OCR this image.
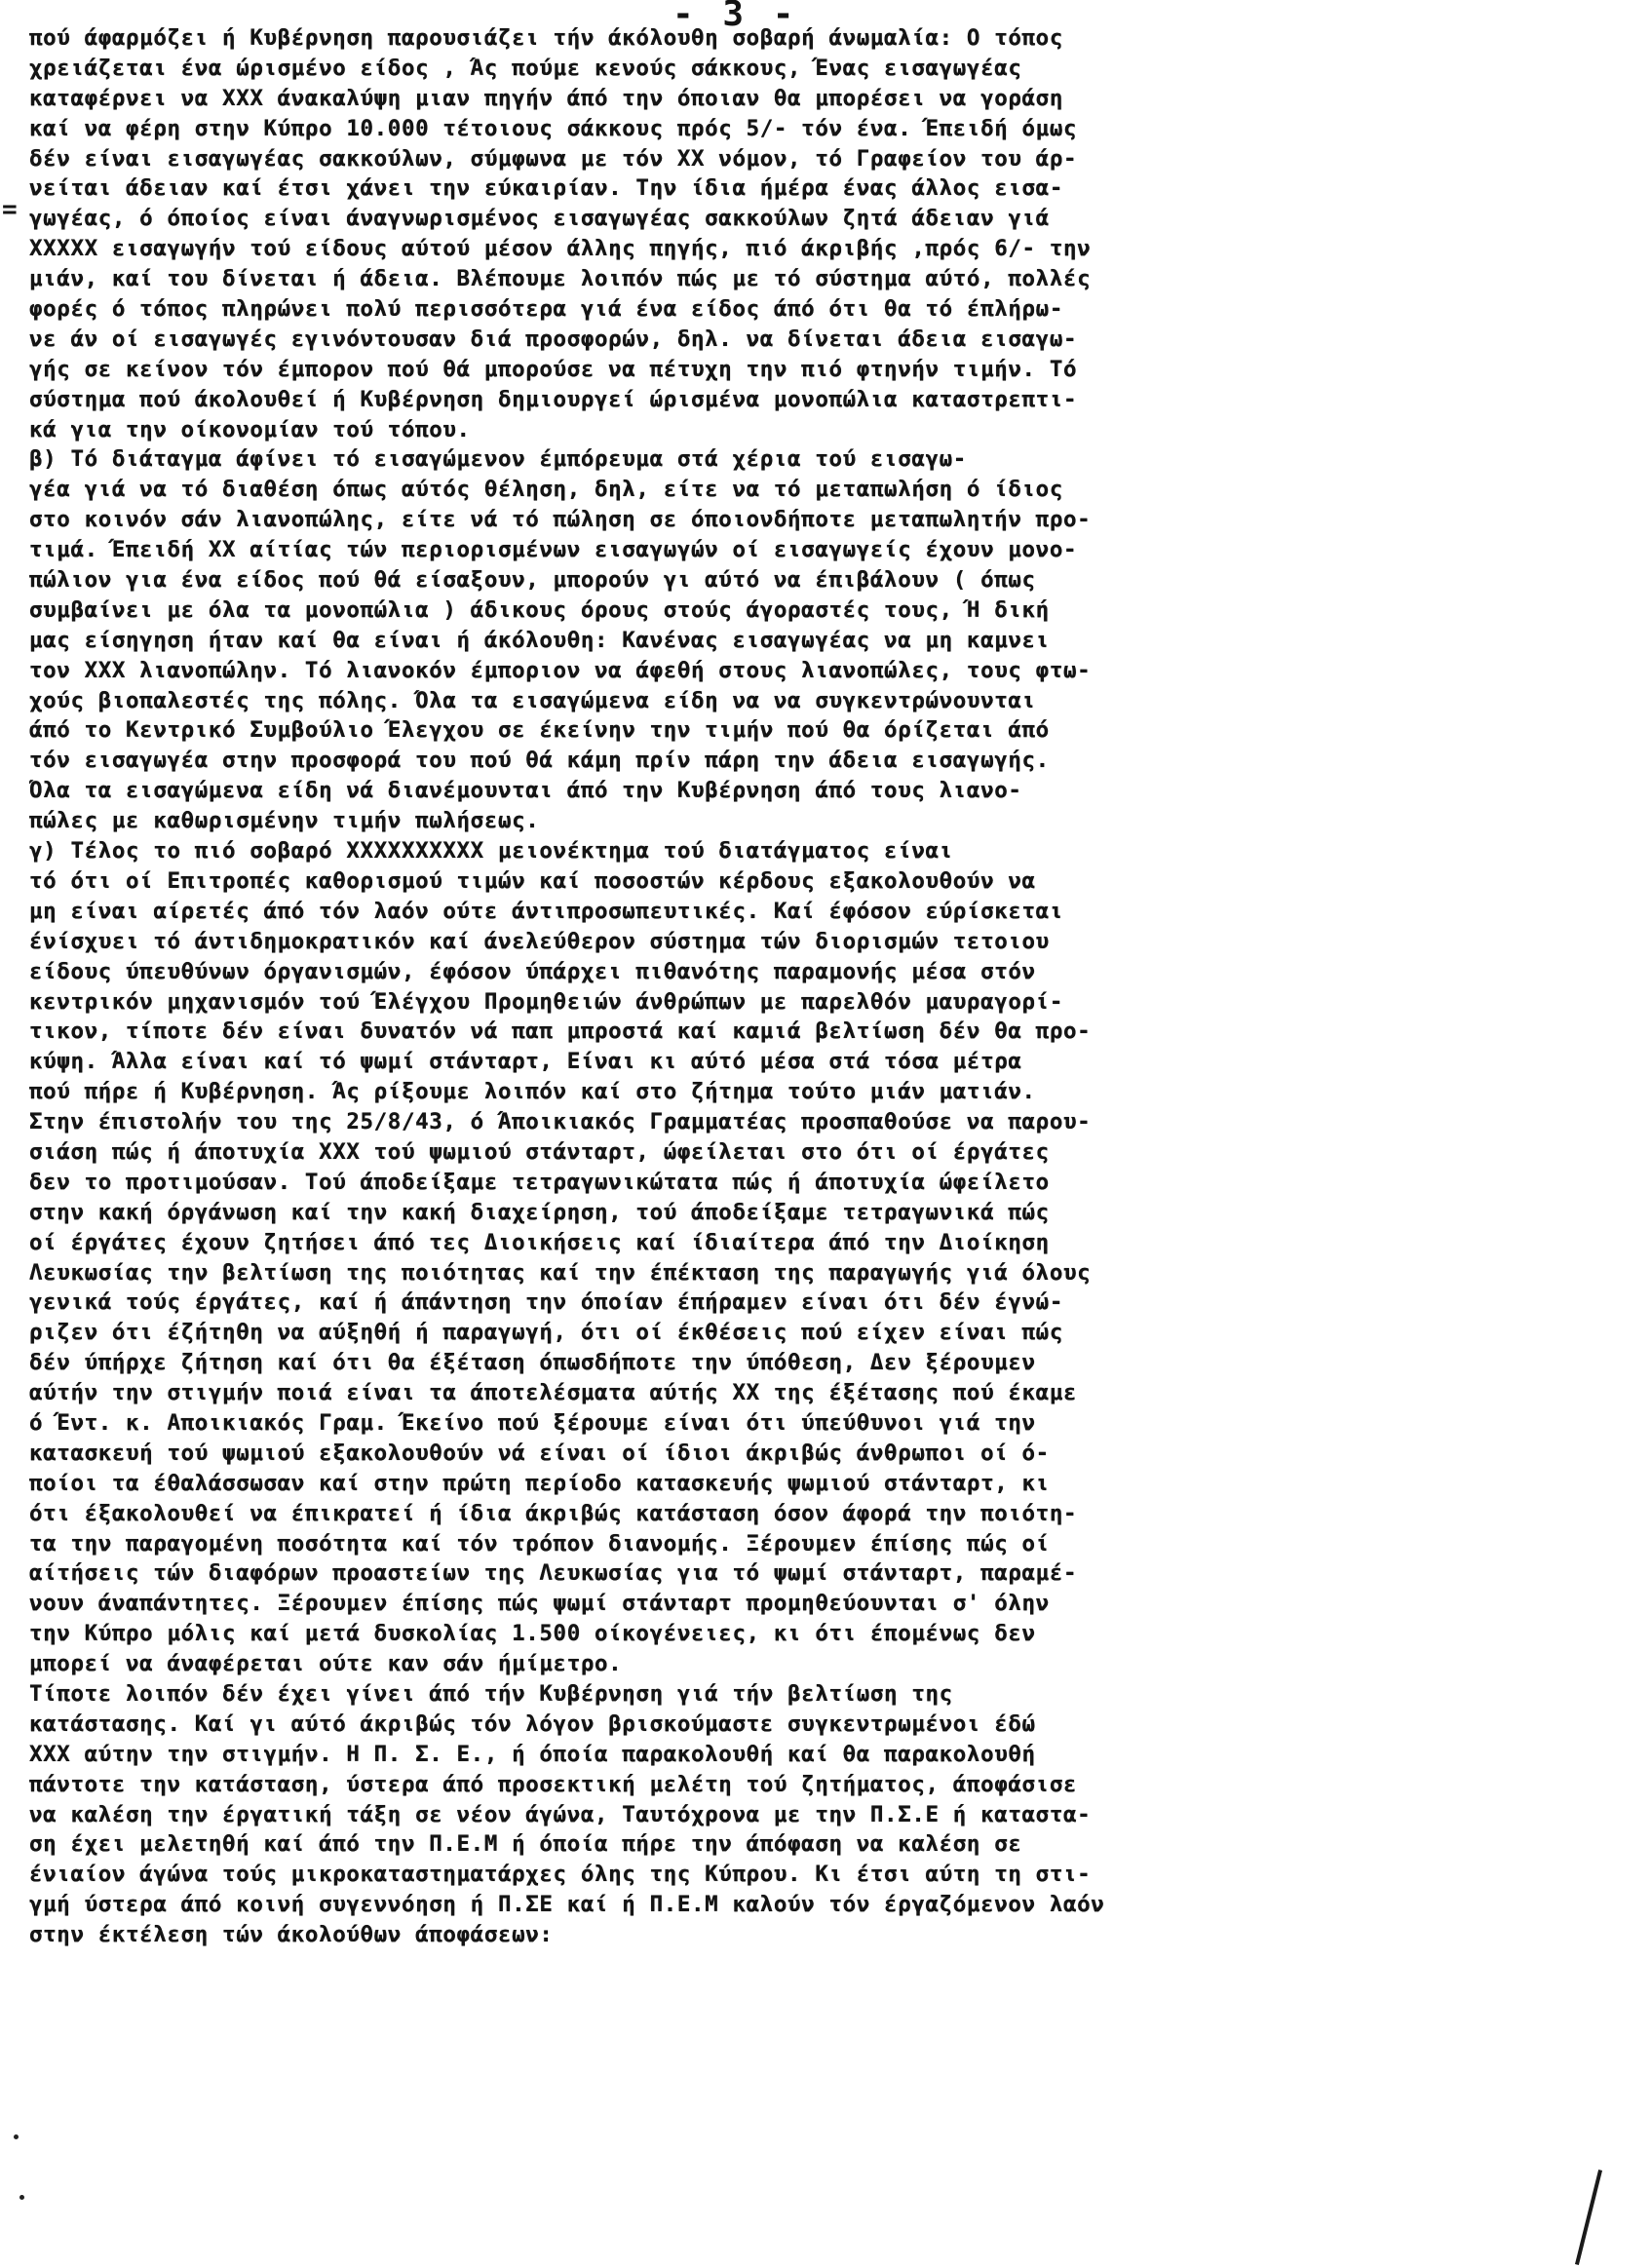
- 3 -
=
πού άφαρμόζει ή Κυβέρνηση παρουσιάζει τήν άκόλουθη σοβαρή άνωμαλία: Ο τόπος
χρειάζεται ένα ώρισμένο είδος , Άς πούμε κενούς σάκκους, Ένας εισαγωγέας
καταφέρνει να XXX άνακαλύψη μιαν πηγήν άπό την όποιαν θα μπορέσει να γοράση
καί να φέρη στην Κύπρο 10.000 τέτοιους σάκκους πρός 5/- τόν ένα. Έπειδή όμως
δέν είναι εισαγωγέας σακκούλων, σύμφωνα με τόν XX νόμον, τό Γραφείον του άρ-
νείται άδειαν καί έτσι χάνει την εύκαιρίαν. Την ίδια ήμέρα ένας άλλος εισα-
γωγέας, ό όποίος είναι άναγνωρισμένος εισαγωγέας σακκούλων ζητά άδειαν γιά
XXXXX εισαγωγήν τού είδους αύτού μέσον άλλης πηγής, πιό άκριβής ,πρός 6/- την
μιάν, καί του δίνεται ή άδεια. Βλέπουμε λοιπόν πώς με τό σύστημα αύτό, πολλές
φορές ό τόπος πληρώνει πολύ περισσότερα γιά ένα είδος άπό ότι θα τό έπλήρω-
νε άν οί εισαγωγές εγινόντουσαν διά προσφορών, δηλ. να δίνεται άδεια εισαγω-
γής σε κείνον τόν έμπορον πού θά μπορούσε να πέτυχη την πιό φτηνήν τιμήν. Τό
σύστημα πού άκολουθεί ή Κυβέρνηση δημιουργεί ώρισμένα μονοπώλια καταστρεπτι-
κά για την οίκονομίαν τού τόπου.
β) Τό διάταγμα άφίνει τό εισαγώμενον έμπόρευμα στά χέρια τού εισαγω-
γέα γιά να τό διαθέση όπως αύτός θέληση, δηλ, είτε να τό μεταπωλήση ό ίδιος
στο κοινόν σάν λιανοπώλης, είτε νά τό πώληση σε όποιονδήποτε μεταπωλητήν προ-
τιμά. Έπειδή XX αίτίας τών περιορισμένων εισαγωγών οί εισαγωγείς έχουν μονο-
πώλιον για ένα είδος πού θά είσαξουν, μπορούν γι αύτό να έπιβάλουν ( όπως
συμβαίνει με όλα τα μονοπώλια ) άδικους όρους στούς άγοραστές τους, Ή δική
μας είσηγηση ήταν καί θα είναι ή άκόλουθη: Κανένας εισαγωγέας να μη καμνει
τον XXX λιανοπώλην. Τό λιανοκόν έμποριον να άφεθή στους λιανοπώλες, τους φτω-
χούς βιοπαλεστές της πόλης. Όλα τα εισαγώμενα είδη να να συγκεντρώνουνται
άπό το Κεντρικό Συμβούλιο Έλεγχου σε έκείνην την τιμήν πού θα όρίζεται άπό
τόν εισαγωγέα στην προσφορά του πού θά κάμη πρίν πάρη την άδεια εισαγωγής.
Όλα τα εισαγώμενα είδη νά διανέμουνται άπό την Κυβέρνηση άπό τους λιανο-
πώλες με καθωρισμένην τιμήν πωλήσεως.
γ) Τέλος το πιό σοβαρό XXXXXXXXXX μειονέκτημα τού διατάγματος είναι
τό ότι οί Επιτροπές καθορισμού τιμών καί ποσοστών κέρδους εξακολουθούν να
μη είναι αίρετές άπό τόν λαόν ούτε άντιπροσωπευτικές. Καί έφόσον εύρίσκεται
ένίσχυει τό άντιδημοκρατικόν καί άνελεύθερον σύστημα τών διορισμών τετοιου
είδους ύπευθύνων όργανισμών, έφόσον ύπάρχει πιθανότης παραμονής μέσα στόν
κεντρικόν μηχανισμόν τού Έλέγχου Προμηθειών άνθρώπων με παρελθόν μαυραγορί-
τικον, τίποτε δέν είναι δυνατόν νά παπ μπροστά καί καμιά βελτίωση δέν θα προ-
κύψη. Άλλα είναι καί τό ψωμί στάνταρτ, Είναι κι αύτό μέσα στά τόσα μέτρα
πού πήρε ή Κυβέρνηση. Άς ρίξουμε λοιπόν καί στο ζήτημα τούτο μιάν ματιάν.
Στην έπιστολήν του της 25/8/43, ό Άποικιακός Γραμματέας προσπαθούσε να παρου-
σιάση πώς ή άποτυχία XXX τού ψωμιού στάνταρτ, ώφείλεται στο ότι οί έργάτες
δεν το προτιμούσαν. Τού άποδείξαμε τετραγωνικώτατα πώς ή άποτυχία ώφείλετο
στην κακή όργάνωση καί την κακή διαχείρηση, τού άποδείξαμε τετραγωνικά πώς
οί έργάτες έχουν ζητήσει άπό τες Διοικήσεις καί ίδιαίτερα άπό την Διοίκηση
Λευκωσίας την βελτίωση της ποιότητας καί την έπέκταση της παραγωγής γιά όλους
γενικά τούς έργάτες, καί ή άπάντηση την όποίαν έπήραμεν είναι ότι δέν έγνώ-
ριζεν ότι έζήτηθη να αύξηθή ή παραγωγή, ότι οί έκθέσεις πού είχεν είναι πώς
δέν ύπήρχε ζήτηση καί ότι θα έξέταση όπωσδήποτε την ύπόθεση, Δεν ξέρουμεν
αύτήν την στιγμήν ποιά είναι τα άποτελέσματα αύτής XX της έξέτασης πού έκαμε
ό Έντ. κ. Αποικιακός Γραμ. Έκείνο πού ξέρουμε είναι ότι ύπεύθυνοι γιά την
κατασκευή τού ψωμιού εξακολουθούν νά είναι οί ίδιοι άκριβώς άνθρωποι οί ό-
ποίοι τα έθαλάσσωσαν καί στην πρώτη περίοδο κατασκευής ψωμιού στάνταρτ, κι
ότι έξακολουθεί να έπικρατεί ή ίδια άκριβώς κατάσταση όσον άφορά την ποιότη-
τα την παραγομένη ποσότητα καί τόν τρόπον διανομής. Ξέρουμεν έπίσης πώς οί
αίτήσεις τών διαφόρων προαστείων της Λευκωσίας για τό ψωμί στάνταρτ, παραμέ-
νουν άναπάντητες. Ξέρουμεν έπίσης πώς ψωμί στάνταρτ προμηθεύουνται σ' όλην
την Κύπρο μόλις καί μετά δυσκολίας 1.500 οίκογένειες, κι ότι έπομένως δεν
μπορεί να άναφέρεται ούτε καν σάν ήμίμετρο.
Τίποτε λοιπόν δέν έχει γίνει άπό τήν Κυβέρνηση γιά τήν βελτίωση της
κατάστασης. Καί γι αύτό άκριβώς τόν λόγον βρισκούμαστε συγκεντρωμένοι έδώ
XXX αύτην την στιγμήν. Η Π. Σ. Ε., ή όποία παρακολουθή καί θα παρακολουθή
πάντοτε την κατάσταση, ύστερα άπό προσεκτική μελέτη τού ζητήματος, άποφάσισε
να καλέση την έργατική τάξη σε νέον άγώνα, Ταυτόχρονα με την Π.Σ.Ε ή καταστα-
ση έχει μελετηθή καί άπό την Π.Ε.Μ ή όποία πήρε την άπόφαση να καλέση σε
ένιαίον άγώνα τούς μικροκαταστηματάρχες όλης της Κύπρου. Κι έτσι αύτη τη στι-
γμή ύστερα άπό κοινή συγεννόηση ή Π.ΣΕ καί ή Π.Ε.Μ καλούν τόν έργαζόμενον λαόν
στην έκτέλεση τών άκολούθων άποφάσεων:
